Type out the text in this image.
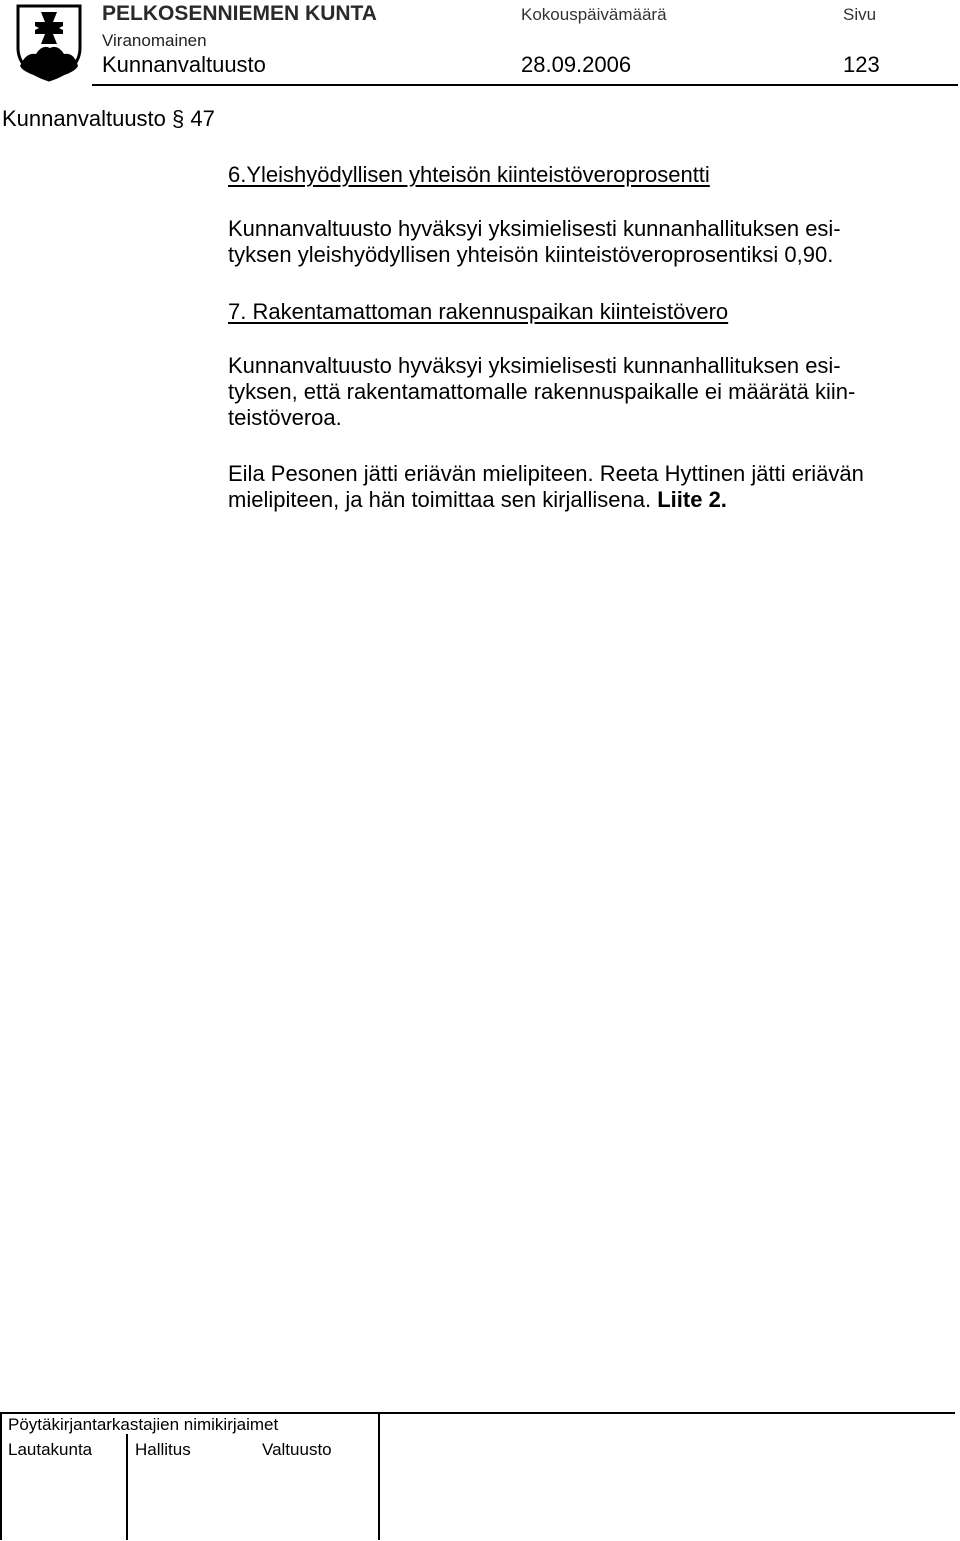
PELKOSENNIEMEN KUNTA	Kokouspäivämäärä	Sivu
Viranomainen
Kunnanvaltuusto	28.09.2006	123
Kunnanvaltuusto § 47
6.Yleishyödyllisen yhteisön kiinteistöveroprosentti
Kunnanvaltuusto hyväksyi yksimielisesti kunnanhallituksen esi-
tyksen yleishyödyllisen yhteisön kiinteistöveroprosentiksi 0,90.
7. Rakentamattoman rakennuspaikan kiinteistövero
Kunnanvaltuusto hyväksyi yksimielisesti kunnanhallituksen esi-
tyksen, että rakentamattomalle rakennuspaikalle ei määrätä kiin-
teistöveroa.
Eila Pesonen jätti eriävän mielipiteen. Reeta Hyttinen jätti eriävän
mielipiteen, ja hän toimittaa sen kirjallisena. Liite 2.
Pöytäkirjantarkastajien nimikirjaimet
Lautakunta	Hallitus	Valtuusto
